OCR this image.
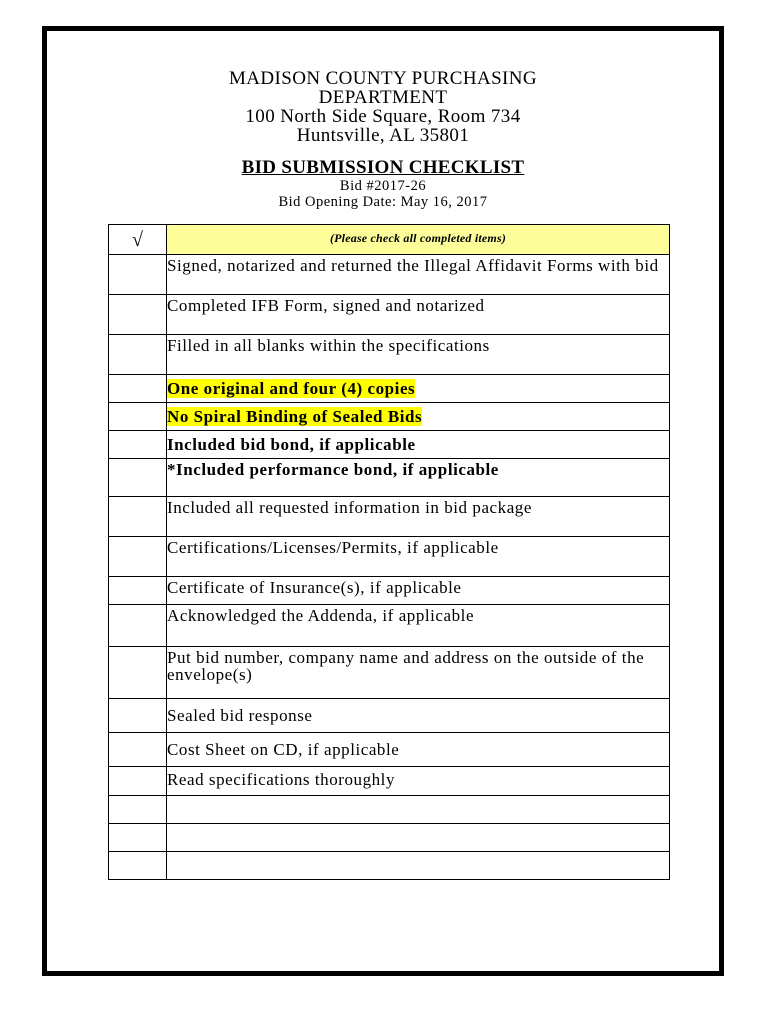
MADISON COUNTY PURCHASING
DEPARTMENT
100 North Side Square, Room 734
Huntsville, AL 35801
BID SUBMISSION CHECKLIST
Bid #2017-26
Bid Opening Date: May 16, 2017
√	(Please check all completed items)

	Signed, notarized and returned the Illegal Affidavit Forms with bid

	Completed IFB Form, signed and notarized

	Filled in all blanks within the specifications

	One original and four (4) copies

	No Spiral Binding of Sealed Bids

	Included bid bond, if applicable

	*Included performance bond, if applicable

	Included all requested information in bid package

	Certifications/Licenses/Permits, if applicable

	Certificate of Insurance(s), if applicable

	Acknowledged the Addenda, if applicable

	Put bid number, company name and address on the outside of the envelope(s)

	Sealed bid response

	Cost Sheet on CD, if applicable

	Read specifications thoroughly
